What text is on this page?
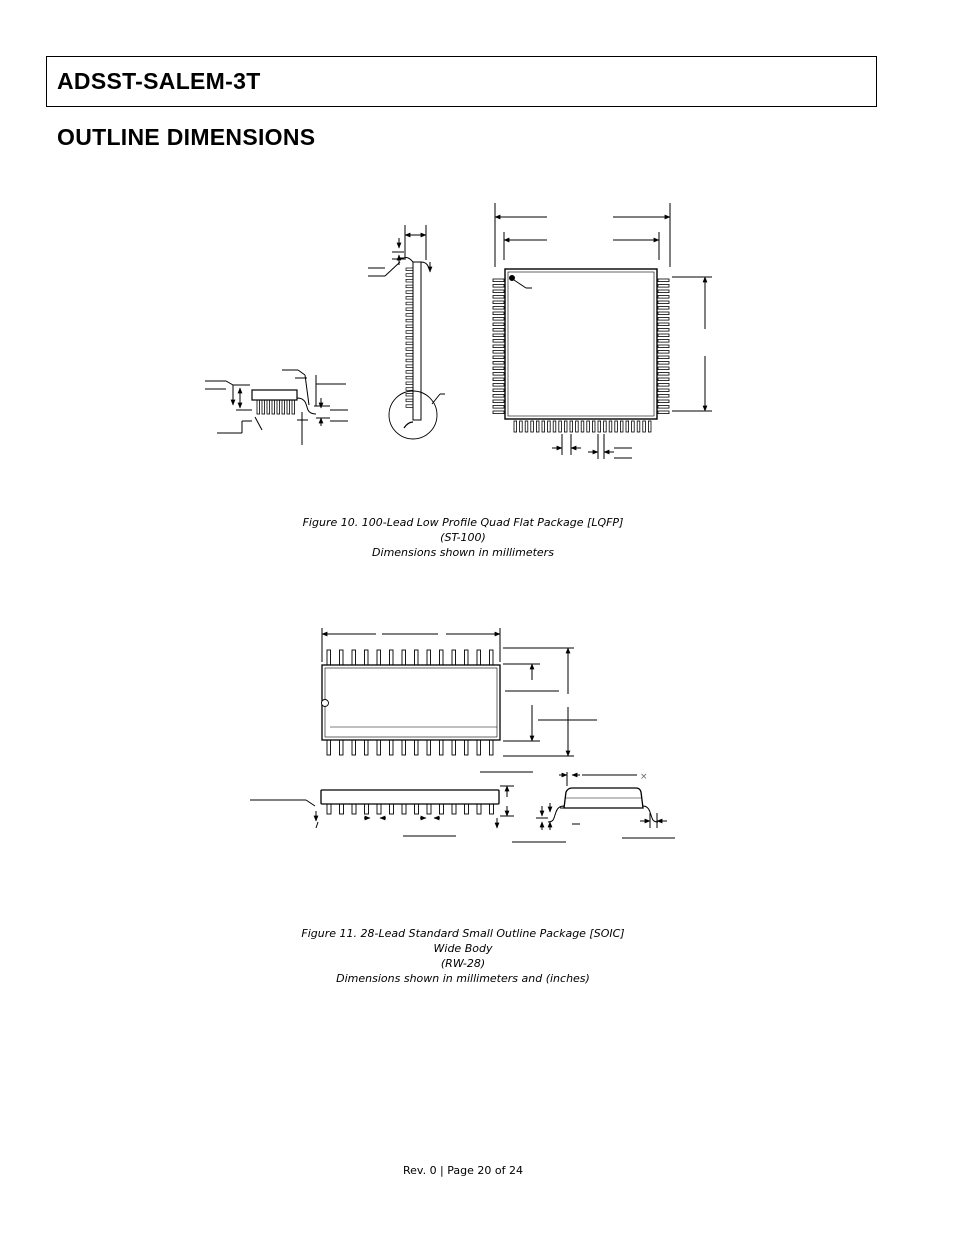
ADSST-SALEM-3T
OUTLINE DIMENSIONS
×
Figure 10. 100-Lead Low Profile Quad Flat Package [LQFP]
(ST-100)
Dimensions shown in millimeters
Figure 11. 28-Lead Standard Small Outline Package [SOIC]
Wide Body
(RW-28)
Dimensions shown in millimeters and (inches)
Rev. 0 | Page 20 of 24
